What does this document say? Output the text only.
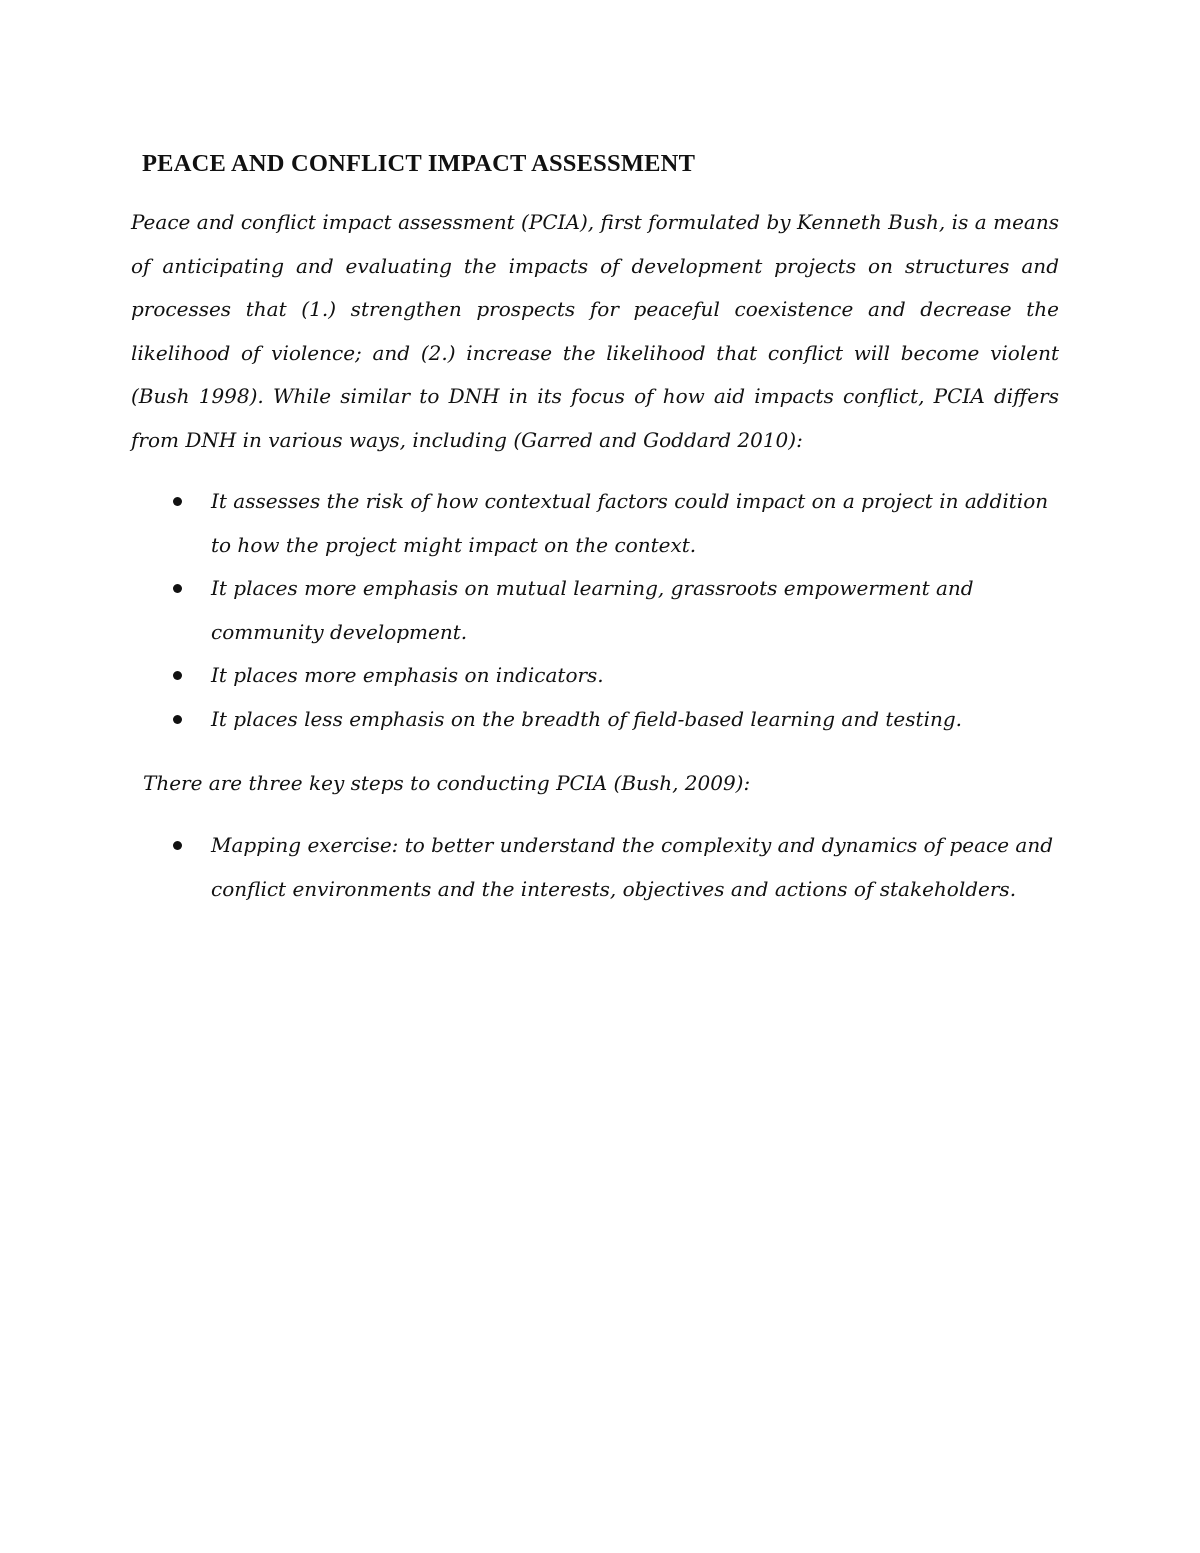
PEACE AND CONFLICT IMPACT ASSESSMENT

Peace and conflict impact assessment (PCIA), first formulated by Kenneth Bush, is a means of anticipating and evaluating the impacts of development projects on structures and processes that (1.) strengthen prospects for peaceful coexistence and decrease the likelihood of violence; and (2.) increase the likelihood that conflict will become violent (Bush 1998). While similar to DNH in its focus of how aid impacts conflict, PCIA differs from DNH in various ways, including (Garred and Goddard 2010):

It assesses the risk of how contextual factors could impact on a project in addition to how the project might impact on the context.
It places more emphasis on mutual learning, grassroots empowerment and community development.
It places more emphasis on indicators.
It places less emphasis on the breadth of field-based learning and testing.

There are three key steps to conducting PCIA (Bush, 2009):

Mapping exercise: to better understand the complexity and dynamics of peace and conflict environments and the interests, objectives and actions of stakeholders.
